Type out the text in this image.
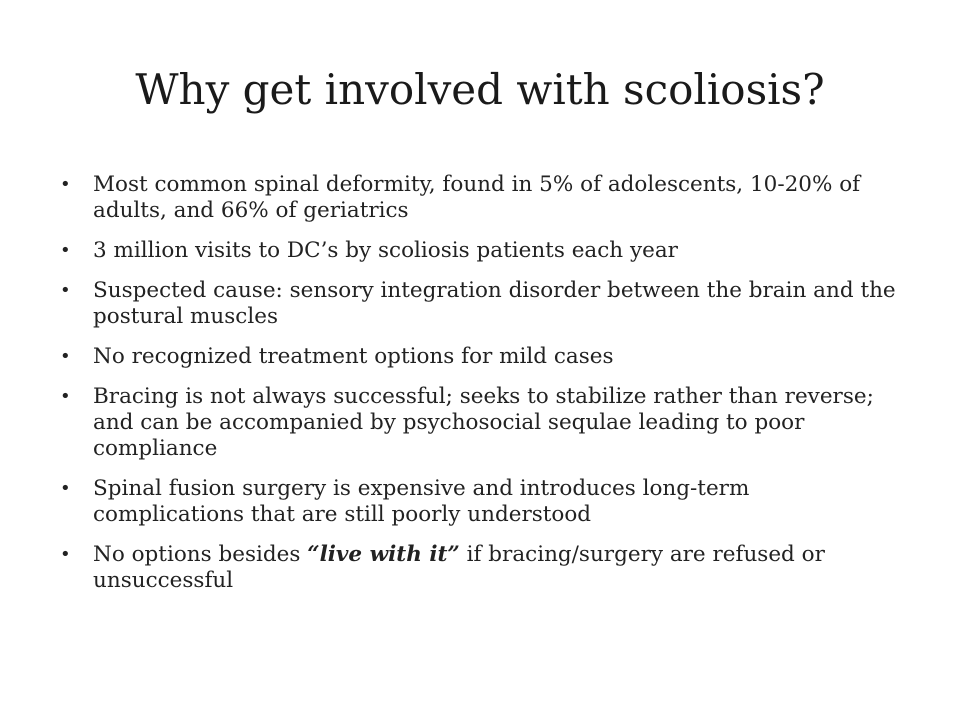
Why get involved with scoliosis?
•	Most common spinal deformity, found in 5% of adolescents, 10-20% of adults, and 66% of geriatrics
•	3 million visits to DC’s by scoliosis patients each year
•	Suspected cause: sensory integration disorder between the brain and the postural muscles
•	No recognized treatment options for mild cases
•	Bracing is not always successful; seeks to stabilize rather than reverse; and can be accompanied by psychosocial sequlae leading to poor compliance
•	Spinal fusion surgery is expensive and introduces long-term complications that are still poorly understood
•	No options besides “live with it” if bracing/surgery are refused or unsuccessful
